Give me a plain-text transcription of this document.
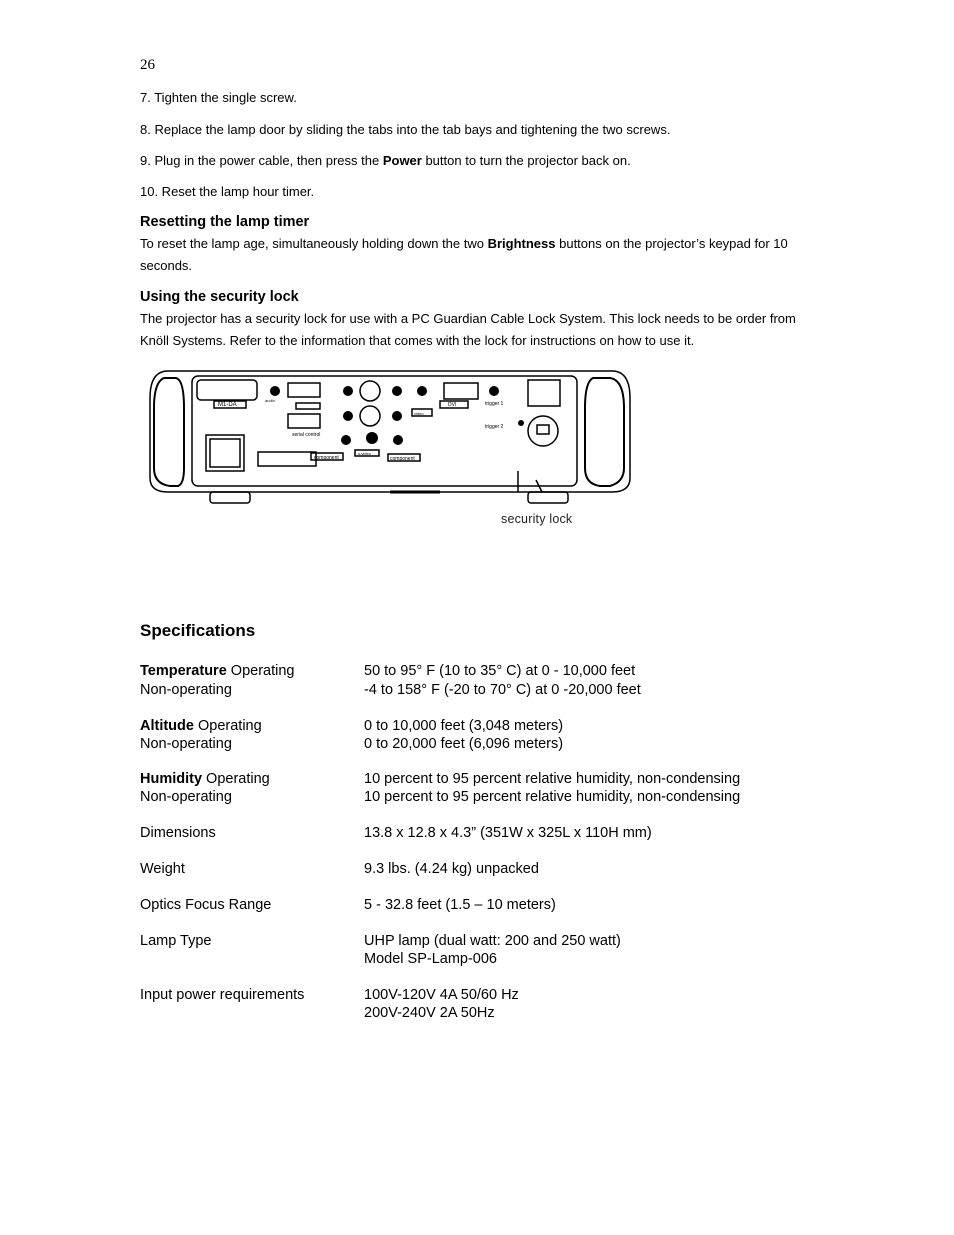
26
7. Tighten the single screw.
8. Replace the lamp door by sliding the tabs into the tab bays and tightening the two screws.
9. Plug in the power cable, then press the Power button to turn the projector back on.
10. Reset the lamp hour timer.
Resetting the lamp timer
To reset the lamp age, simultaneously holding down the two Brightness buttons on the projector’s keypad for 10 seconds.
Using the security lock
The projector has a security lock for use with a PC Guardian Cable Lock System. This lock needs to be order from Knöll Systems. Refer to the information that comes with the lock for instructions on how to use it.
M1-DA
audio
serial control
DVI	trigger 1
trigger 2
component	component
video
s-video
security lock
Specifications
Temperature Operating	50 to 95° F (10 to 35° C) at 0 - 10,000 feet
Non-operating	-4 to 158° F (-20 to 70° C) at 0 -20,000 feet
Altitude Operating	0 to 10,000 feet (3,048 meters)
Non-operating	0 to 20,000 feet (6,096 meters)
Humidity Operating	10 percent to 95 percent relative humidity, non-condensing
Non-operating	10 percent to 95 percent relative humidity, non-condensing
Dimensions	13.8 x 12.8 x 4.3” (351W x 325L x 110H mm)
Weight	9.3 lbs. (4.24 kg) unpacked
Optics Focus Range	5 - 32.8 feet (1.5 – 10 meters)
Lamp Type	UHP lamp (dual watt: 200 and 250 watt)
Model SP-Lamp-006
Input power requirements	100V-120V 4A 50/60 Hz
200V-240V 2A 50Hz
